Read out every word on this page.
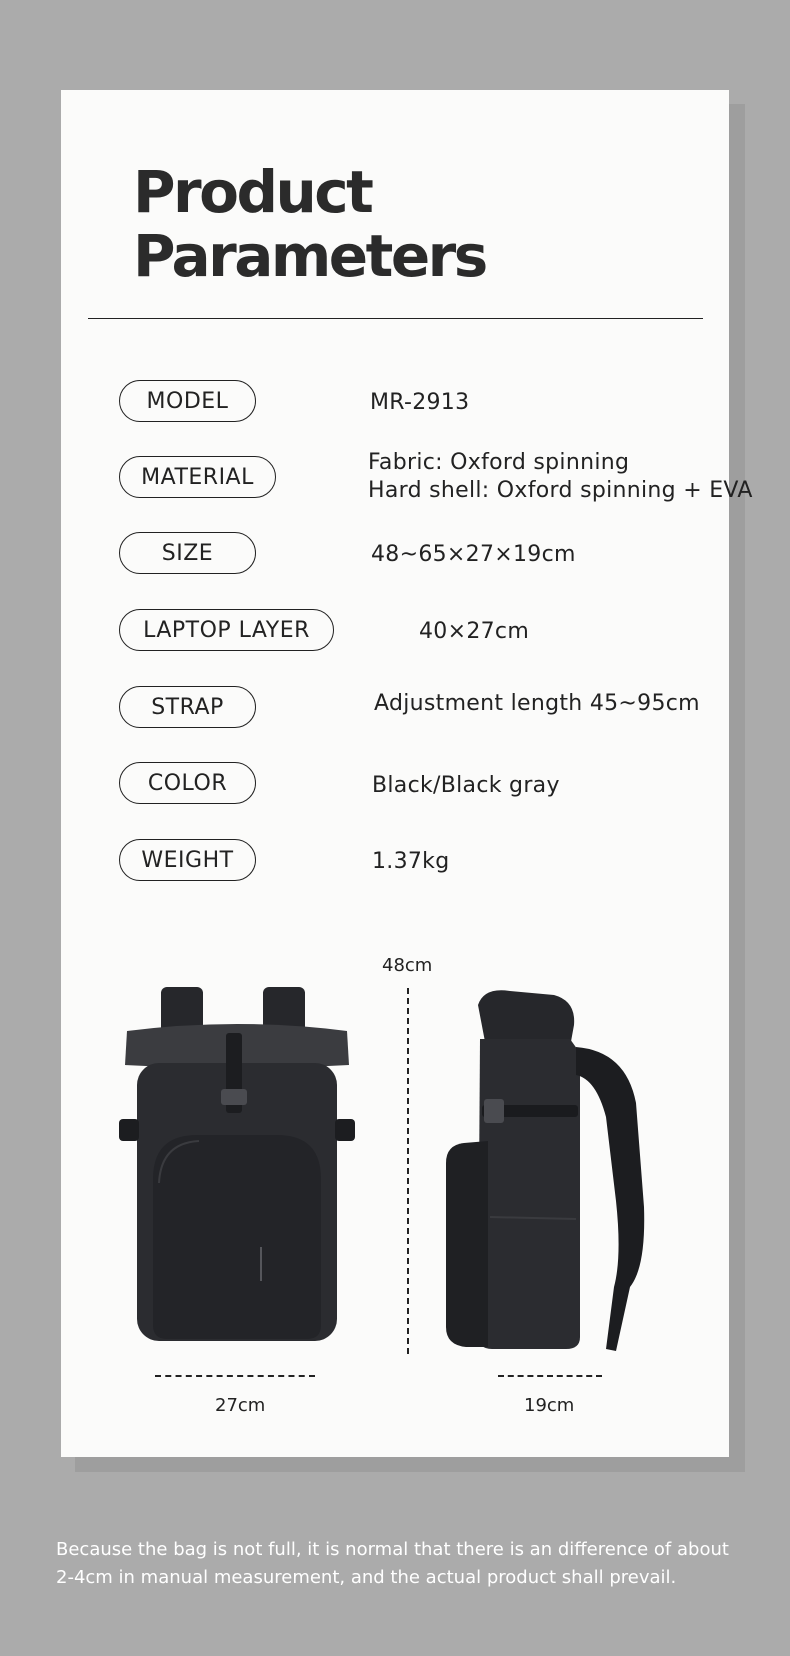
Product
Parameters
MODEL	MR-2913
MATERIAL
Fabric: Oxford spinning
Hard shell: Oxford spinning + EVA
SIZE	48~65×27×19cm
LAPTOP LAYER	40×27cm
STRAP	Adjustment length 45~95cm
COLOR	Black/Black gray
WEIGHT	1.37kg
48cm
27cm	19cm
Because the bag is not full, it is normal that there is an difference of about
2-4cm in manual measurement, and the actual product shall prevail.
